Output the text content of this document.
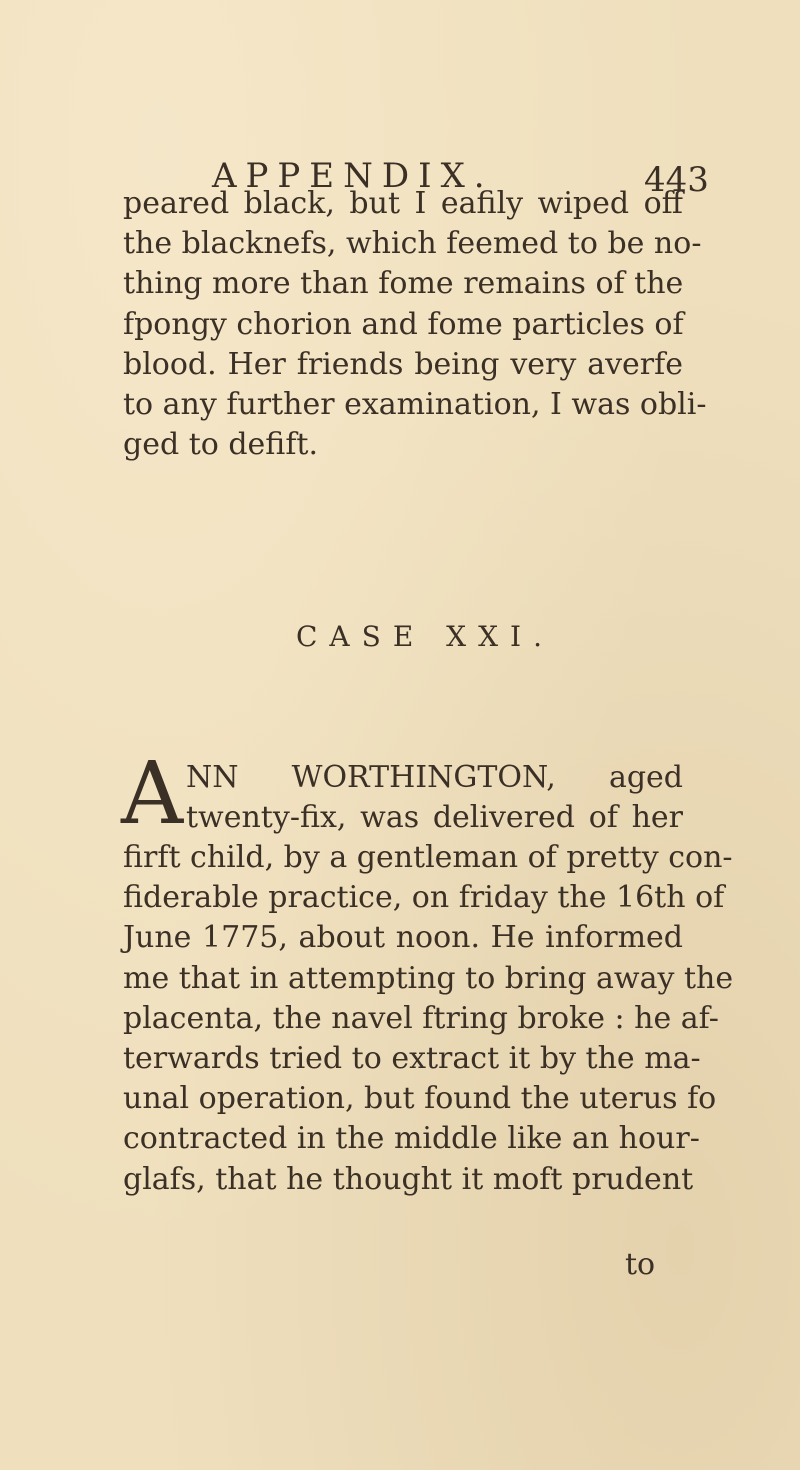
APPENDIX.	443
peared black, but I eafily wiped off
the blacknefs, which feemed to be no-
thing more than fome remains of the
fpongy chorion and fome particles of
blood. Her friends being very averfe
to any further examination, I was obli-
ged to defift.
CASE XXI.
A NN WORTHINGTON, aged
twenty-fix, was delivered of her
firft child, by a gentleman of pretty con-
fiderable practice, on friday the 16th of
June 1775, about noon. He informed
me that in attempting to bring away the
placenta, the navel ftring broke : he af-
terwards tried to extract it by the ma-
unal operation, but found the uterus fo
contracted in the middle like an hour-
glafs, that he thought it moft prudent
to
